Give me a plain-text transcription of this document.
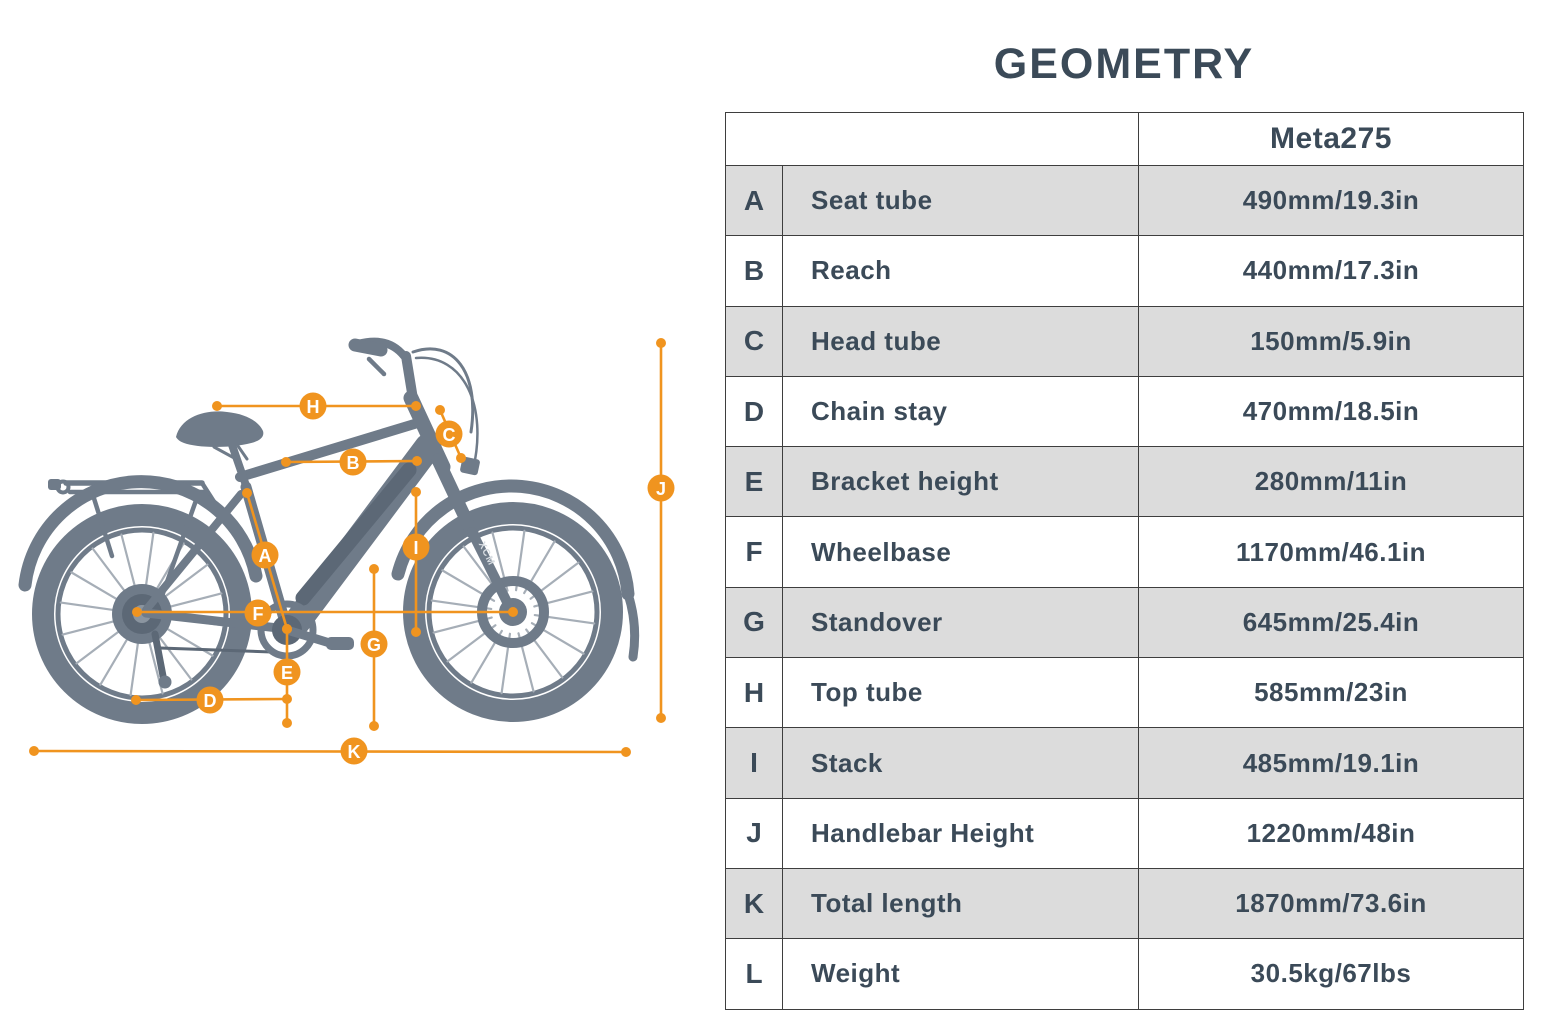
XCM
A
B
C
D
E
F
G
H
I
J
K
GEOMETRY
		Meta275
A	Seat tube	490mm/19.3in
B	Reach	440mm/17.3in
C	Head tube	150mm/5.9in
D	Chain stay	470mm/18.5in
E	Bracket height	280mm/11in
F	Wheelbase	1170mm/46.1in
G	Standover	645mm/25.4in
H	Top tube	585mm/23in
I	Stack	485mm/19.1in
J	Handlebar Height	1220mm/48in
K	Total length	1870mm/73.6in
L	Weight	30.5kg/67lbs
